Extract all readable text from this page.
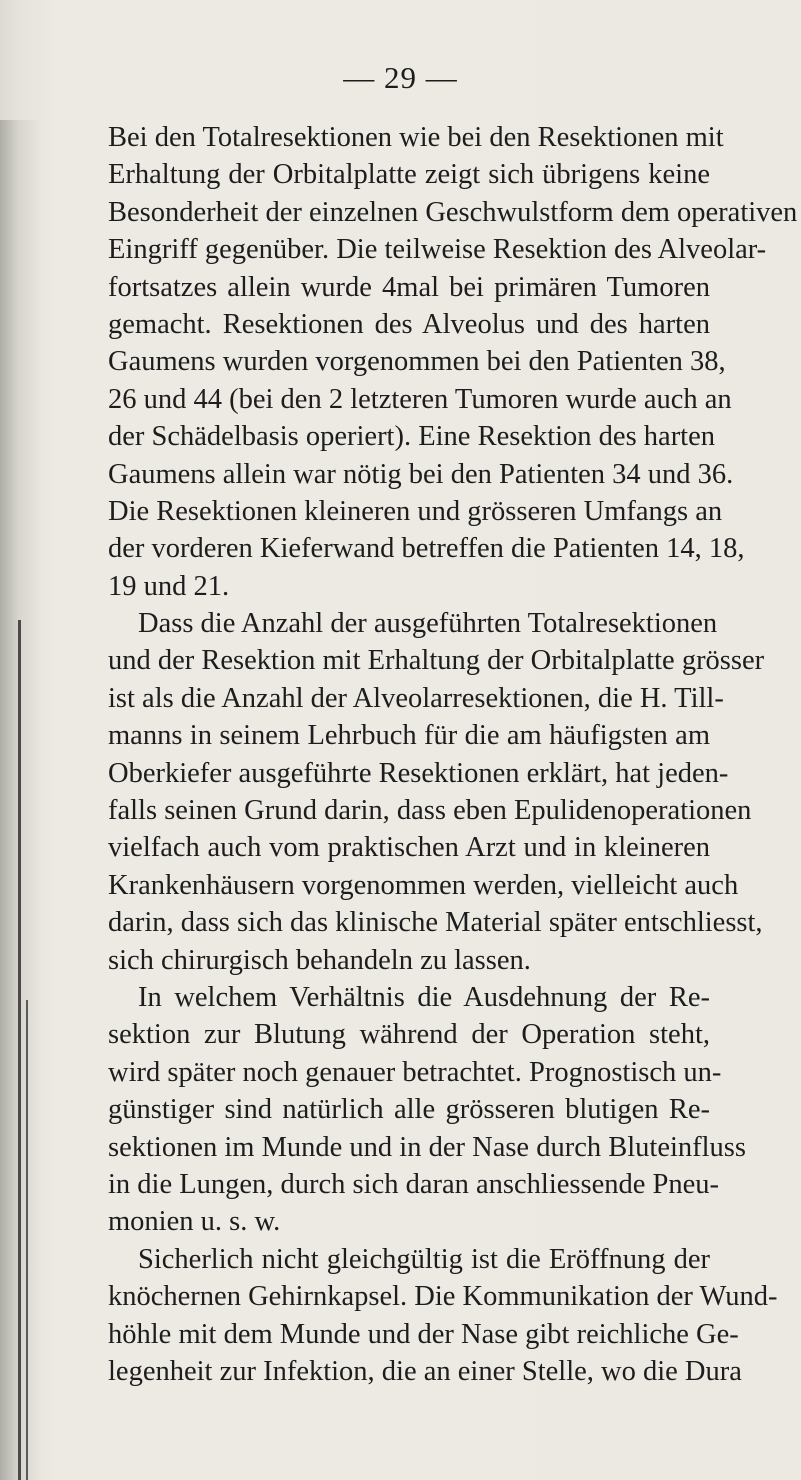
— 29 —
Bei den Totalresektionen wie bei den Resektionen mit
Erhaltung der Orbitalplatte zeigt sich übrigens keine
Besonderheit der einzelnen Geschwulstform dem operativen
Eingriff gegenüber. Die teilweise Resektion des Alveolar-
fortsatzes allein wurde 4mal bei primären Tumoren
gemacht. Resektionen des Alveolus und des harten
Gaumens wurden vorgenommen bei den Patienten 38,
26 und 44 (bei den 2 letzteren Tumoren wurde auch an
der Schädelbasis operiert). Eine Resektion des harten
Gaumens allein war nötig bei den Patienten 34 und 36.
Die Resektionen kleineren und grösseren Umfangs an
der vorderen Kieferwand betreffen die Patienten 14, 18,
19 und 21.
Dass die Anzahl der ausgeführten Totalresektionen
und der Resektion mit Erhaltung der Orbitalplatte grösser
ist als die Anzahl der Alveolarresektionen, die H. Till-
manns in seinem Lehrbuch für die am häufigsten am
Oberkiefer ausgeführte Resektionen erklärt, hat jeden-
falls seinen Grund darin, dass eben Epulidenoperationen
vielfach auch vom praktischen Arzt und in kleineren
Krankenhäusern vorgenommen werden, vielleicht auch
darin, dass sich das klinische Material später entschliesst,
sich chirurgisch behandeln zu lassen.
In welchem Verhältnis die Ausdehnung der Re-
sektion zur Blutung während der Operation steht,
wird später noch genauer betrachtet. Prognostisch un-
günstiger sind natürlich alle grösseren blutigen Re-
sektionen im Munde und in der Nase durch Bluteinfluss
in die Lungen, durch sich daran anschliessende Pneu-
monien u. s. w.
Sicherlich nicht gleichgültig ist die Eröffnung der
knöchernen Gehirnkapsel. Die Kommunikation der Wund-
höhle mit dem Munde und der Nase gibt reichliche Ge-
legenheit zur Infektion, die an einer Stelle, wo die Dura
